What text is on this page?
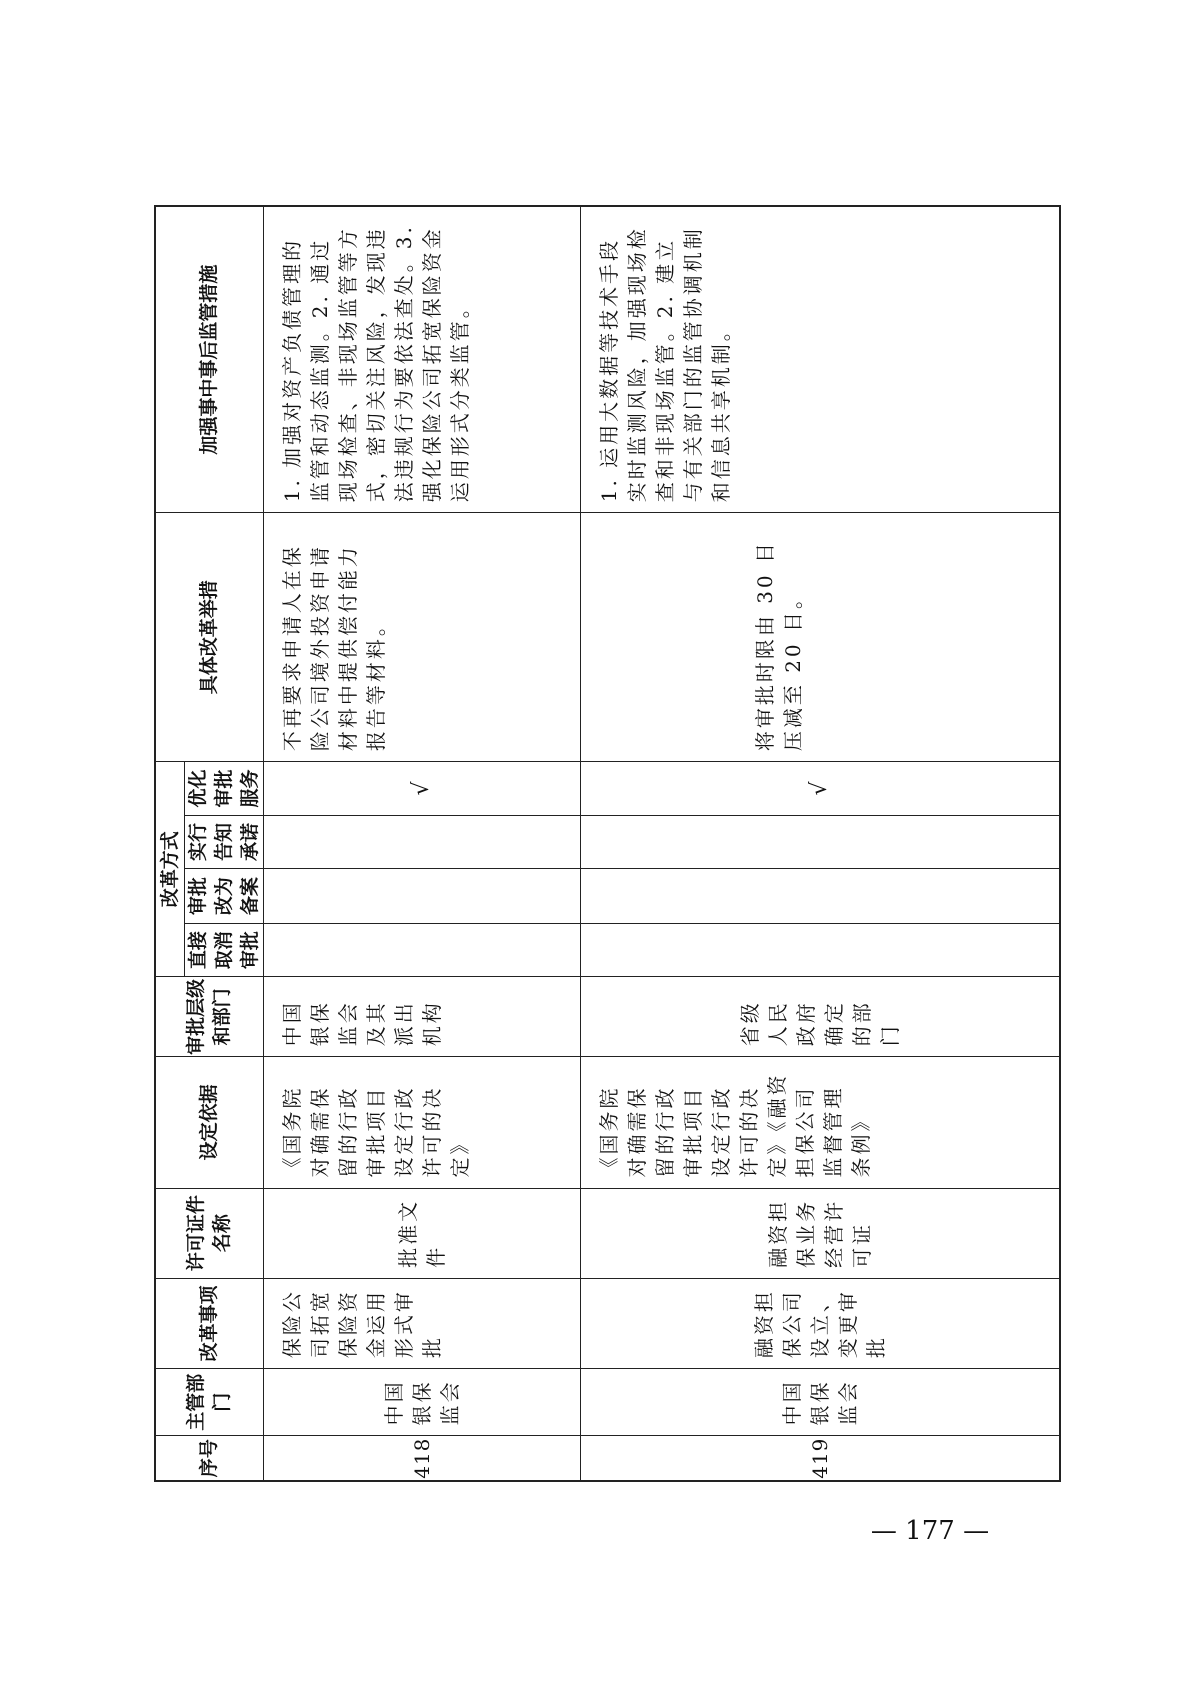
序号	主管部门	改革事项	许可证件名称	设定依据	审批层级和部门	改革方式				具体改革举措	加强事中事后监管措施
						直接取消审批	审批改为备案	实行告知承诺	优化审批服务		
418	中国银保监会	保险公司拓宽保险资金运用形式审批	批准文件	《国务院对确需保留的行政审批项目设定行政许可的决定》	中国银保监会及其派出机构				√	不再要求申请人在保险公司境外投资申请材料中提供偿付能力报告等材料。	1. 加强对资产负债管理的监管和动态监测。2. 通过现场检查、非现场监管等方式，密切关注风险，发现违法违规行为要依法查处。3. 强化保险公司拓宽保险资金运用形式分类监管。

419	中国银保监会	融资担保公司设立、变更审批	融资担保业务经营许可证	《国务院对确需保留的行政审批项目设定行政许可的决定》《融资担保公司监督管理条例》	省级人民政府确定的部门				√	将审批时限由 30 日压减至 20 日。	1. 运用大数据等技术手段实时监测风险，加强现场检查和非现场监管。2. 建立与有关部门的监管协调机制和信息共享机制。
— 177 —
